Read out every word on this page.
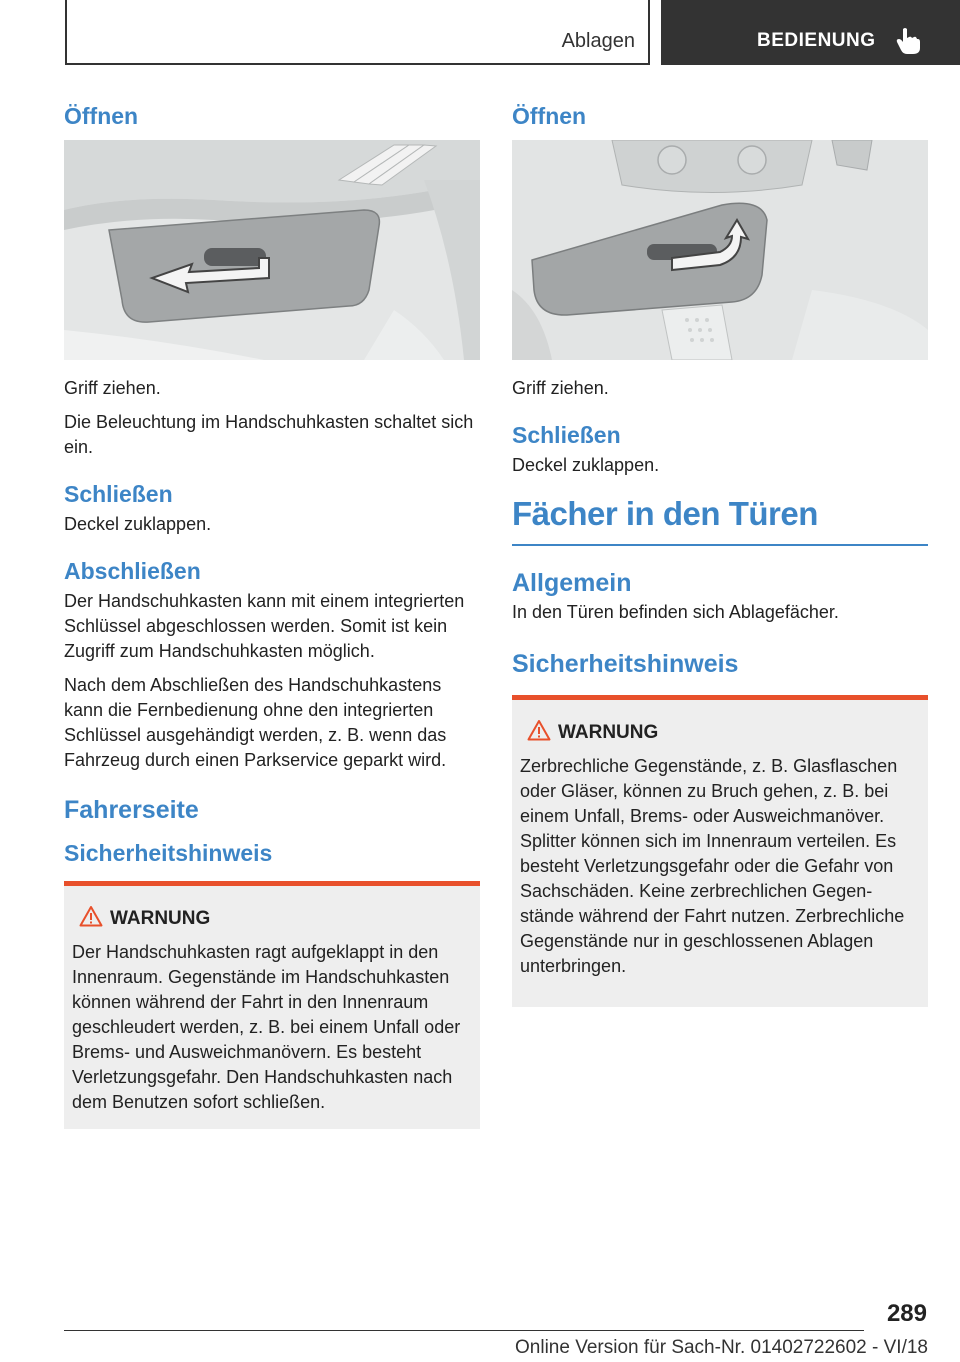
Ablagen	BEDIENUNG
Öffnen

Griff ziehen.

Die Beleuchtung im Handschuhkasten schaltet sich ein.

Schließen

Deckel zuklappen.

Abschließen

Der Handschuhkasten kann mit einem integrierten Schlüssel abgeschlossen werden. Somit ist kein Zugriff zum Handschuhkasten möglich.

Nach dem Abschließen des Handschuhkastens kann die Fernbedienung ohne den integrierten Schlüssel ausgehändigt werden, z. B. wenn das Fahrzeug durch einen Parkservice geparkt wird.

Fahrerseite
Sicherheitshinweis
WARNUNG

Der Handschuhkasten ragt aufgeklappt in den Innenraum. Gegenstände im Handschuhkasten können während der Fahrt in den Innenraum geschleudert werden, z. B. bei einem Unfall oder Brems- und Ausweichmanövern. Es besteht Verletzungsgefahr. Den Handschuhkasten nach dem Benutzen sofort schließen.

Öffnen

Griff ziehen.

Schließen

Deckel zuklappen.

Fächer in den Türen
Allgemein

In den Türen befinden sich Ablagefächer.

Sicherheitshinweis
WARNUNG

Zerbrechliche Gegenstände, z. B. Glasflaschen oder Gläser, können zu Bruch gehen, z. B. bei einem Unfall, Brems- oder Ausweichmanöver. Splitter können sich im Innenraum verteilen. Es besteht Verletzungsgefahr oder die Gefahr von Sachschäden. Keine zerbrechlichen Gegenstände während der Fahrt nutzen. Zerbrechliche Gegenstände nur in geschlossenen Ablagen unterbringen.

289
Online Version für Sach-Nr. 01402722602 - VI/18
